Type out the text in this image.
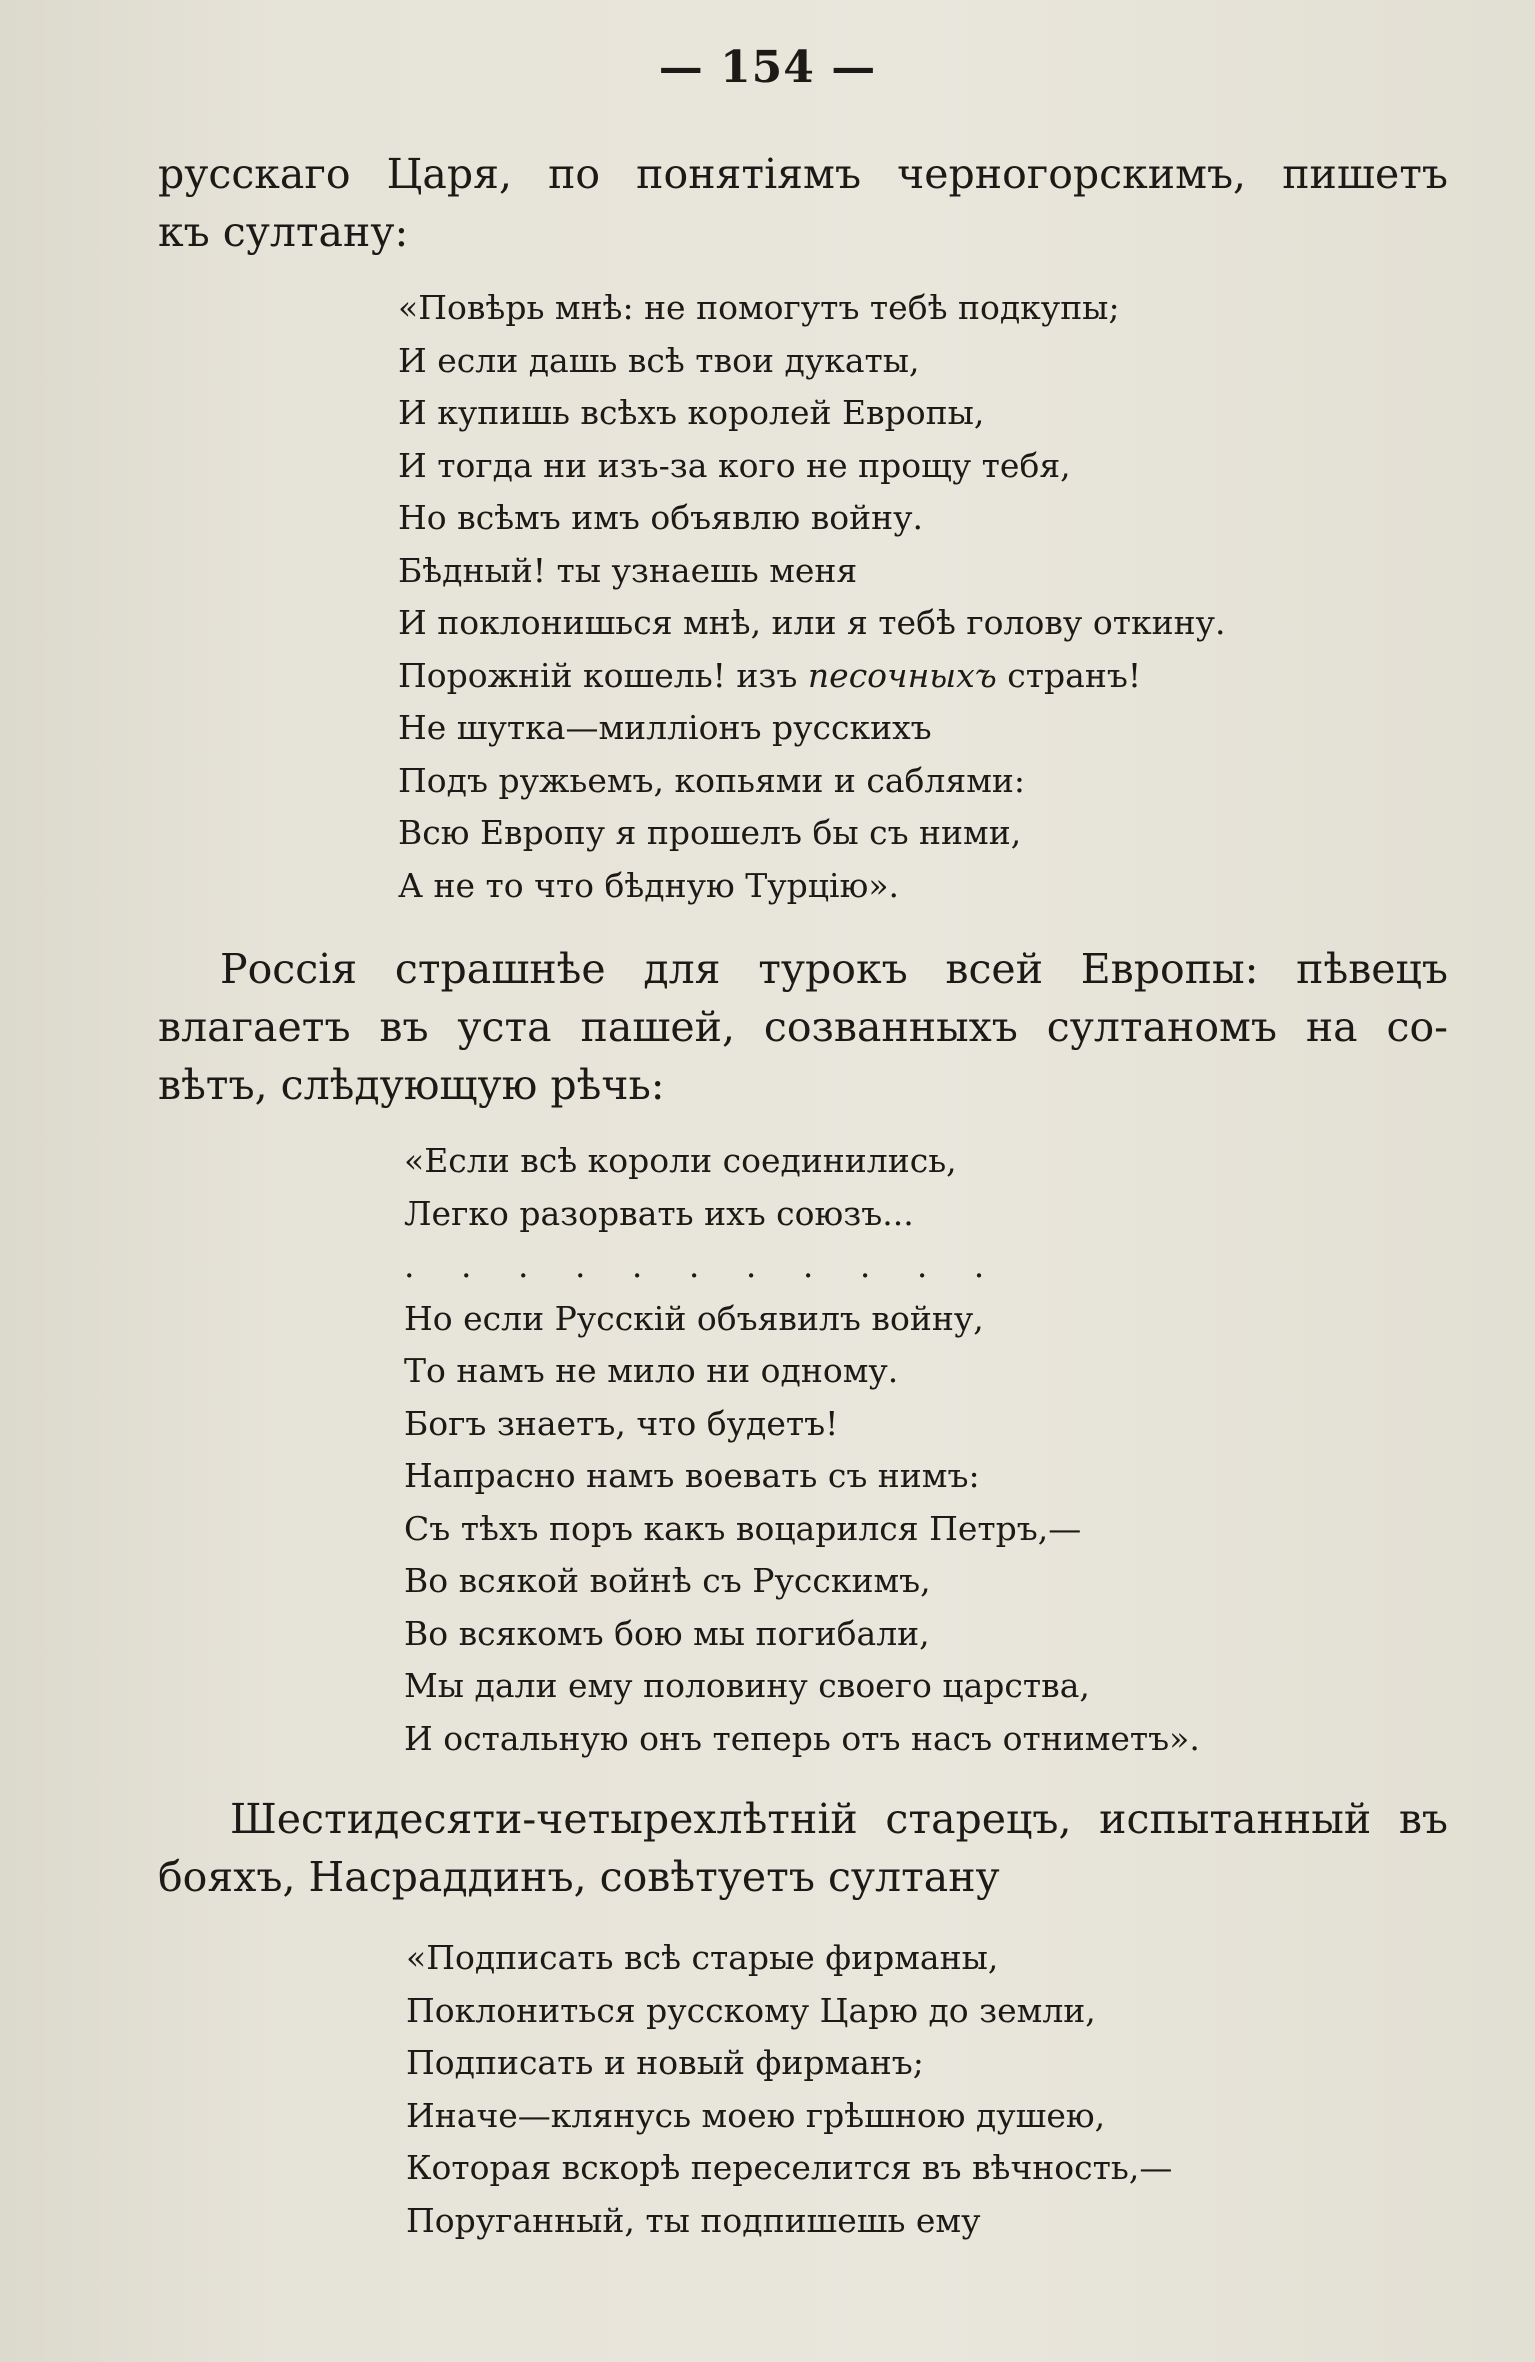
— 154 —
русскаго Царя, по понятіямъ черногорскимъ, пишетъ
къ султану:
«Повѣрь мнѣ: не помогутъ тебѣ подкупы;
И если дашь всѣ твои дукаты,
И купишь всѣхъ королей Европы,
И тогда ни изъ-за кого не прощу тебя,
Но всѣмъ имъ объявлю войну.
Бѣдный! ты узнаешь меня
И поклонишься мнѣ, или я тебѣ голову откину.
Порожній кошель! изъ песочныхъ странъ!
Не шутка—милліонъ русскихъ
Подъ ружьемъ, копьями и саблями:
Всю Европу я прошелъ бы съ ними,
А не то что бѣдную Турцію».
Россія страшнѣе для турокъ всей Европы: пѣвецъ
влагаетъ въ уста пашей, созванныхъ султаномъ на со-
вѣтъ, слѣдующую рѣчь:
«Если всѣ короли соединились,
Легко разорвать ихъ союзъ...
. . . . . . . . . . .
Но если Русскій объявилъ войну,
То намъ не мило ни одному.
Богъ знаетъ, что будетъ!
Напрасно намъ воевать съ нимъ:
Съ тѣхъ поръ какъ воцарился Петръ,—
Во всякой войнѣ съ Русскимъ,
Во всякомъ бою мы погибали,
Мы дали ему половину своего царства,
И остальную онъ теперь отъ насъ отниметъ».
Шестидесяти-четырехлѣтній старецъ, испытанный въ
бояхъ, Насраддинъ, совѣтуетъ султану
«Подписать всѣ старые фирманы,
Поклониться русскому Царю до земли,
Подписать и новый фирманъ;
Иначе—клянусь моею грѣшною душею,
Которая вскорѣ переселится въ вѣчность,—
Поруганный, ты подпишешь ему
